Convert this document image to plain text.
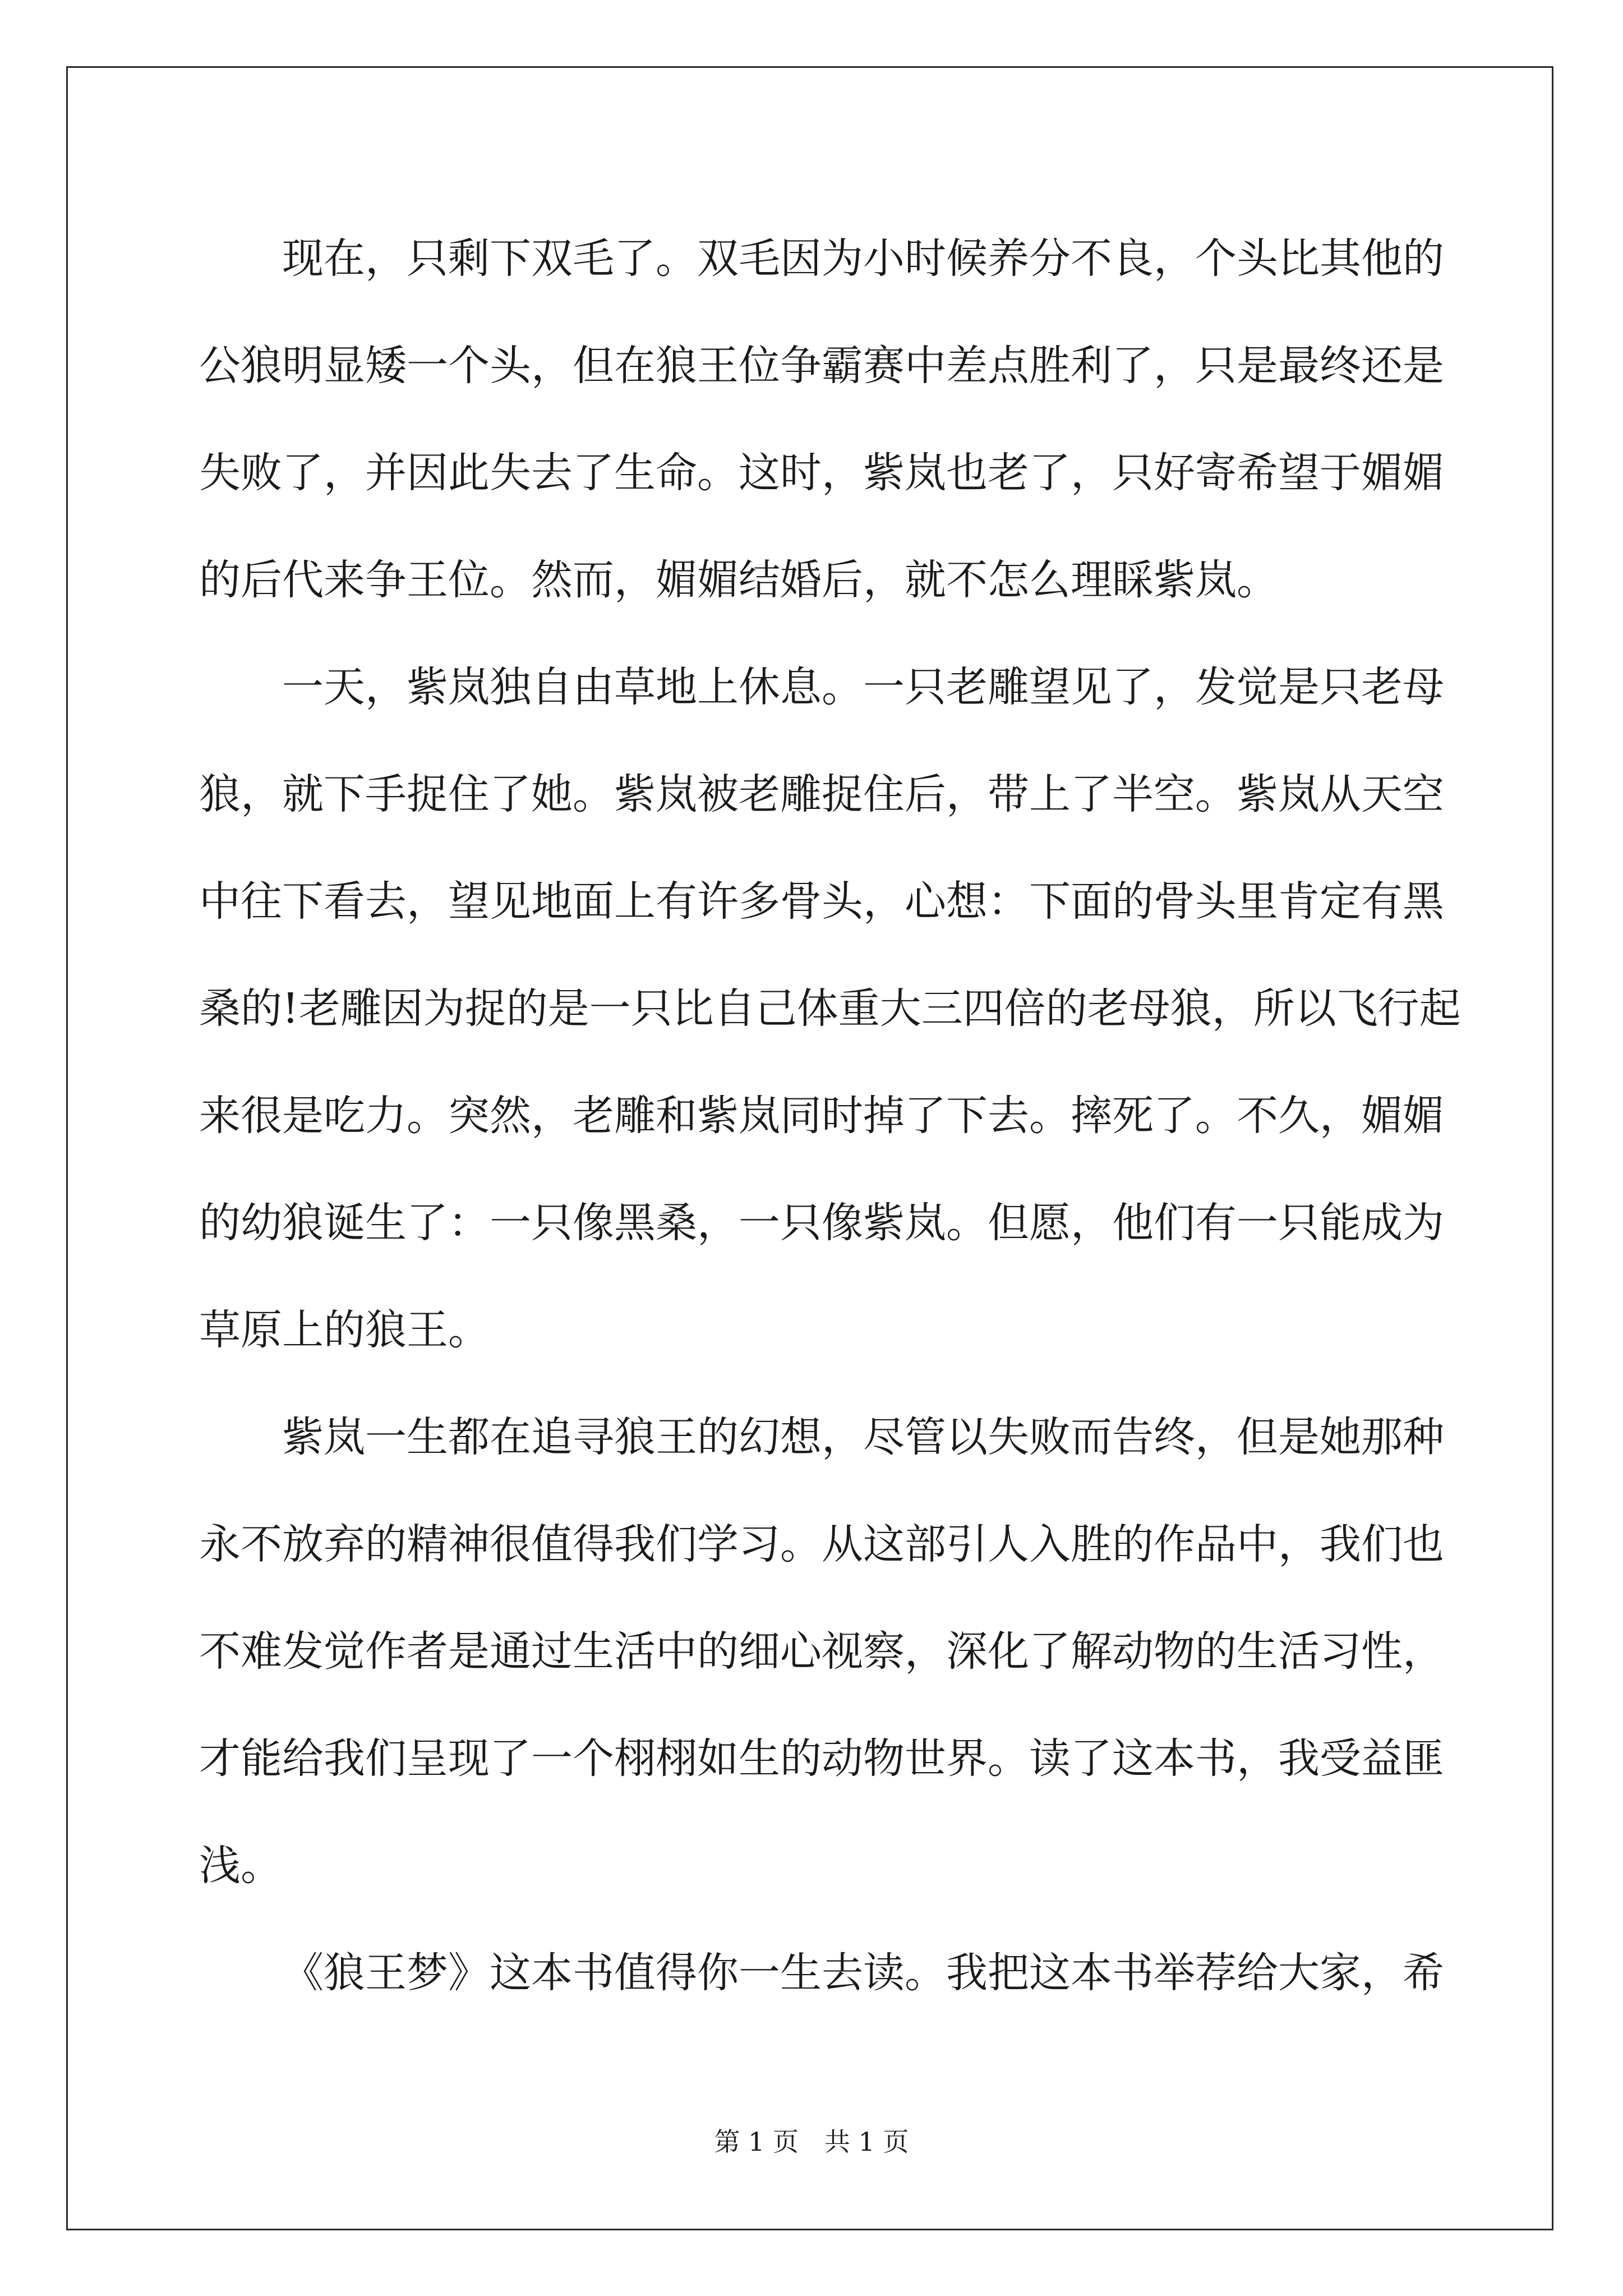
现在，只剩下双毛了。双毛因为小时候养分不良，个头比其他的
公狼明显矮一个头，但在狼王位争霸赛中差点胜利了，只是最终还是
失败了，并因此失去了生命。这时，紫岚也老了，只好寄希望于媚媚
的后代来争王位。然而，媚媚结婚后，就不怎么理睬紫岚。
一天，紫岚独自由草地上休息。一只老雕望见了，发觉是只老母
狼，就下手捉住了她。紫岚被老雕捉住后，带上了半空。紫岚从天空
中往下看去，望见地面上有许多骨头，心想：下面的骨头里肯定有黑
桑的!老雕因为捉的是一只比自己体重大三四倍的老母狼，所以飞行起
来很是吃力。突然，老雕和紫岚同时掉了下去。摔死了。不久，媚媚
的幼狼诞生了：一只像黑桑，一只像紫岚。但愿，他们有一只能成为
草原上的狼王。
紫岚一生都在追寻狼王的幻想，尽管以失败而告终，但是她那种
永不放弃的精神很值得我们学习。从这部引人入胜的作品中，我们也
不难发觉作者是通过生活中的细心视察，深化了解动物的生活习性，
才能给我们呈现了一个栩栩如生的动物世界。读了这本书，我受益匪
浅。
《狼王梦》这本书值得你一生去读。我把这本书举荐给大家，希
第 1 页 共 1 页
